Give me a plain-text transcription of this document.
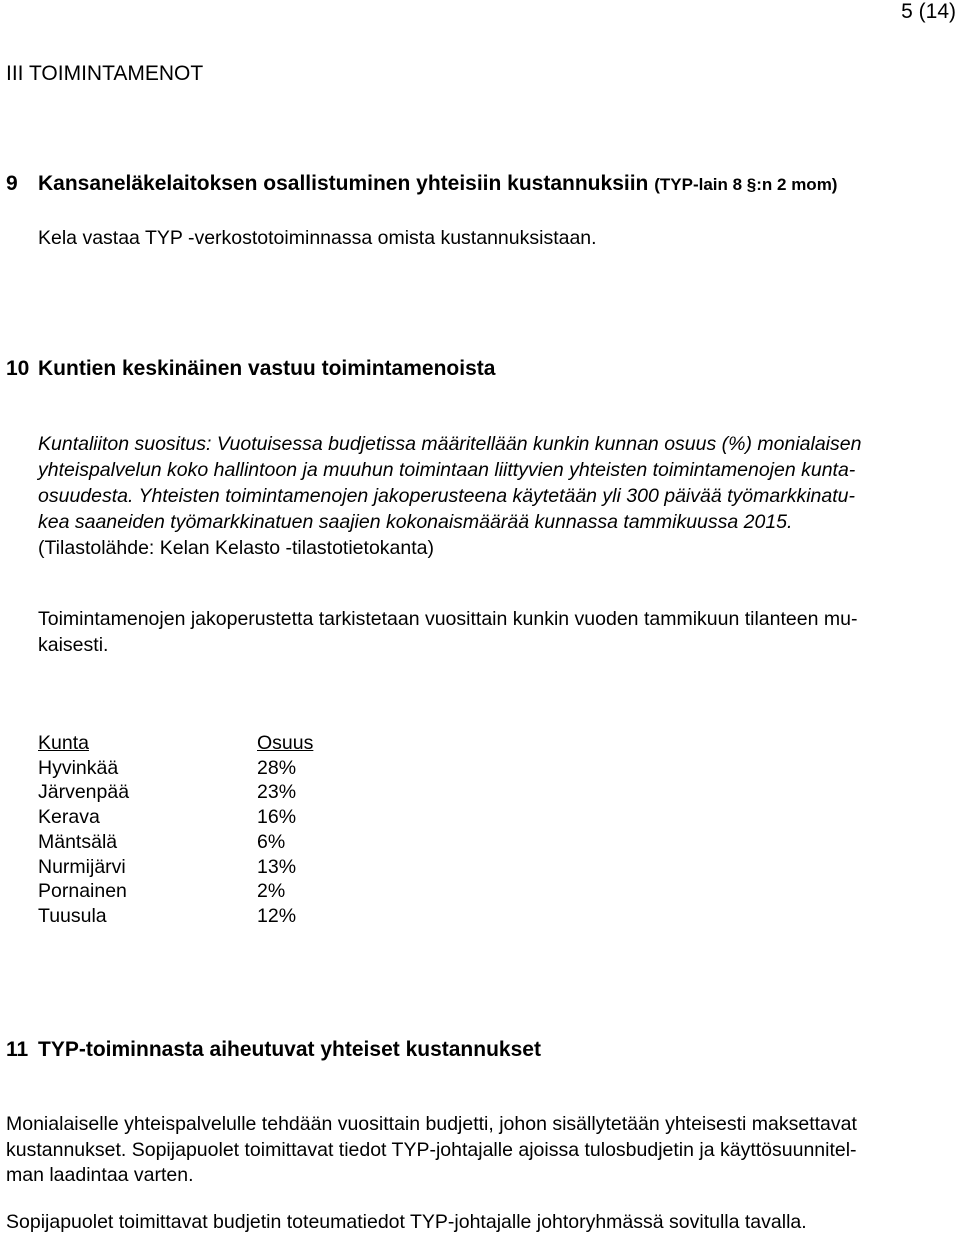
5 (14)
III TOIMINTAMENOT
9 Kansaneläkelaitoksen osallistuminen yhteisiin kustannuksiin (TYP-lain 8 §:n 2 mom)
Kela vastaa TYP -verkostotoiminnassa omista kustannuksistaan.
10 Kuntien keskinäinen vastuu toimintamenoista
Kuntaliiton suositus: Vuotuisessa budjetissa määritellään kunkin kunnan osuus (%) monialaisen
yhteispalvelun koko hallintoon ja muuhun toimintaan liittyvien yhteisten toimintamenojen kunta-
osuudesta. Yhteisten toimintamenojen jakoperusteena käytetään yli 300 päivää työmarkkinatu-
kea saaneiden työmarkkinatuen saajien kokonaismäärää kunnassa tammikuussa 2015.
(Tilastolähde: Kelan Kelasto -tilastotietokanta)
Toimintamenojen jakoperustetta tarkistetaan vuosittain kunkin vuoden tammikuun tilanteen mu-
kaisesti.
Kunta	Osuus
Hyvinkää	28%
Järvenpää	23%
Kerava	16%
Mäntsälä	6%
Nurmijärvi	13%
Pornainen	2%
Tuusula	12%
11 TYP-toiminnasta aiheutuvat yhteiset kustannukset
Monialaiselle yhteispalvelulle tehdään vuosittain budjetti, johon sisällytetään yhteisesti maksettavat
kustannukset. Sopijapuolet toimittavat tiedot TYP-johtajalle ajoissa tulosbudjetin ja käyttösuunnitel-
man laadintaa varten.
Sopijapuolet toimittavat budjetin toteumatiedot TYP-johtajalle johtoryhmässä sovitulla tavalla.
